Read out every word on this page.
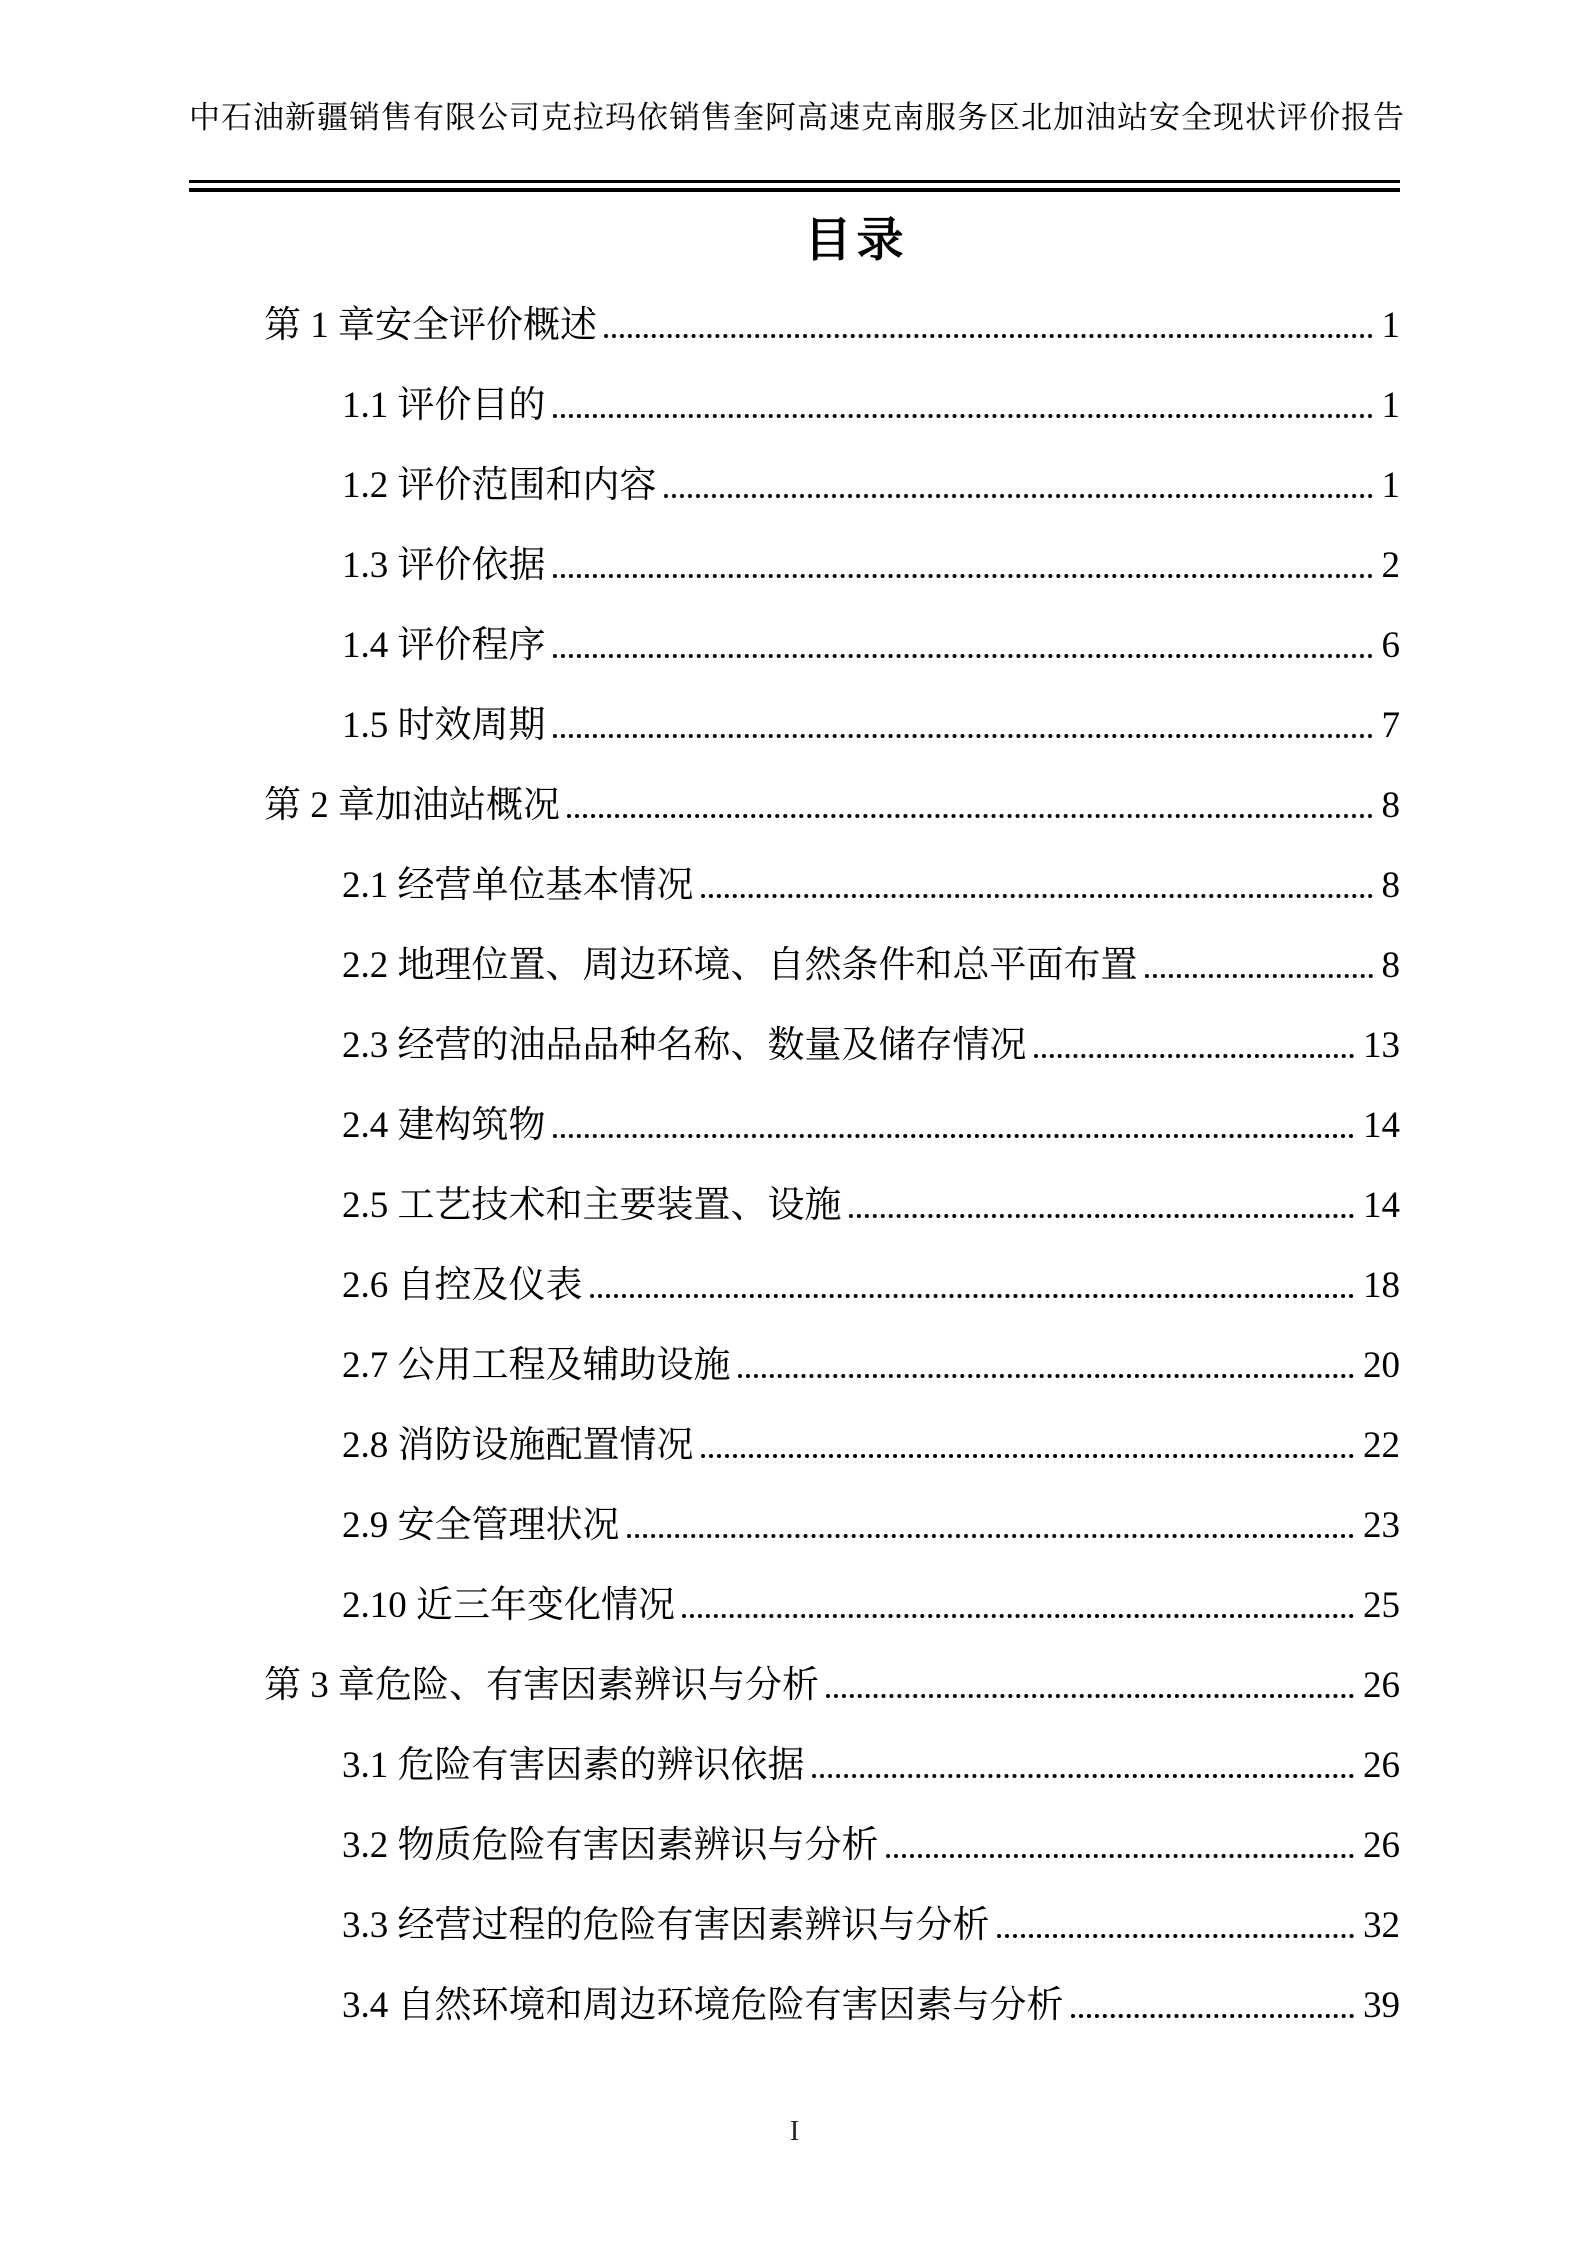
中石油新疆销售有限公司克拉玛依销售奎阿高速克南服务区北加油站安全现状评价报告
目录
第 1 章安全评价概述	1
1.1 评价目的	1
1.2 评价范围和内容	1
1.3 评价依据	2
1.4 评价程序	6
1.5 时效周期	7
第 2 章加油站概况	8
2.1 经营单位基本情况	8
2.2 地理位置、周边环境、自然条件和总平面布置	8
2.3 经营的油品品种名称、数量及储存情况	13
2.4 建构筑物	14
2.5 工艺技术和主要装置、设施	14
2.6 自控及仪表	18
2.7 公用工程及辅助设施	20
2.8 消防设施配置情况	22
2.9 安全管理状况	23
2.10 近三年变化情况	25
第 3 章危险、有害因素辨识与分析	26
3.1 危险有害因素的辨识依据	26
3.2 物质危险有害因素辨识与分析	26
3.3 经营过程的危险有害因素辨识与分析	32
3.4 自然环境和周边环境危险有害因素与分析	39
I
